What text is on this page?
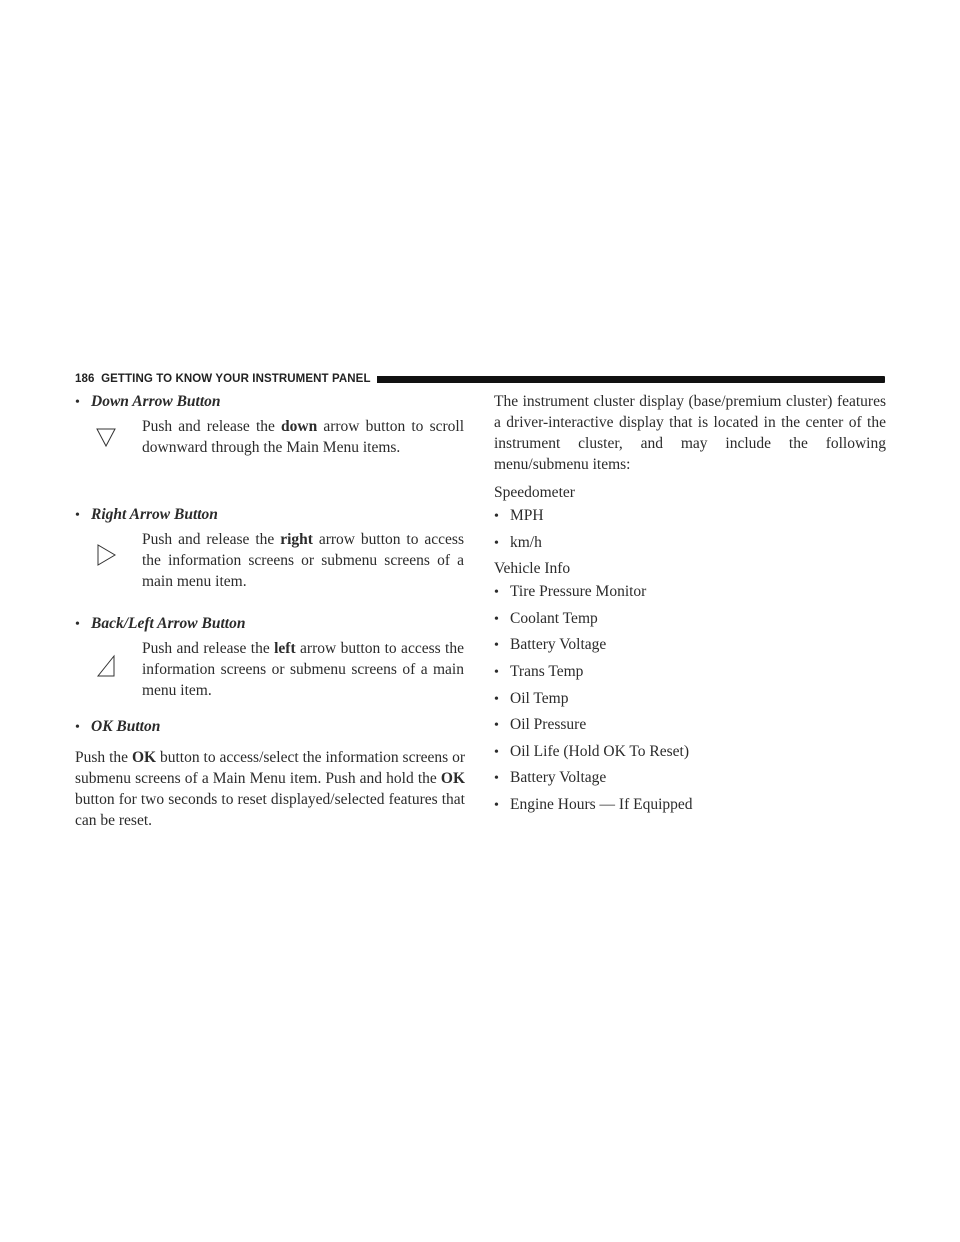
186 GETTING TO KNOW YOUR INSTRUMENT PANEL
• Down Arrow Button
Push and release the down arrow button to scroll downward through the Main Menu items.
• Right Arrow Button
Push and release the right arrow button to access the information screens or submenu screens of a main menu item.
• Back/Left Arrow Button
Push and release the left arrow button to access the information screens or submenu screens of a main menu item.
• OK Button
Push the OK button to access/select the information screens or submenu screens of a Main Menu item. Push and hold the OK button for two seconds to reset displayed/selected features that can be reset.
The instrument cluster display (base/premium cluster) features a driver-interactive display that is located in the center of the instrument cluster, and may include the following menu/submenu items:
Speedometer
• MPH
• km/h
Vehicle Info
• Tire Pressure Monitor
• Coolant Temp
• Battery Voltage
• Trans Temp
• Oil Temp
• Oil Pressure
• Oil Life (Hold OK To Reset)
• Battery Voltage
• Engine Hours — If Equipped
